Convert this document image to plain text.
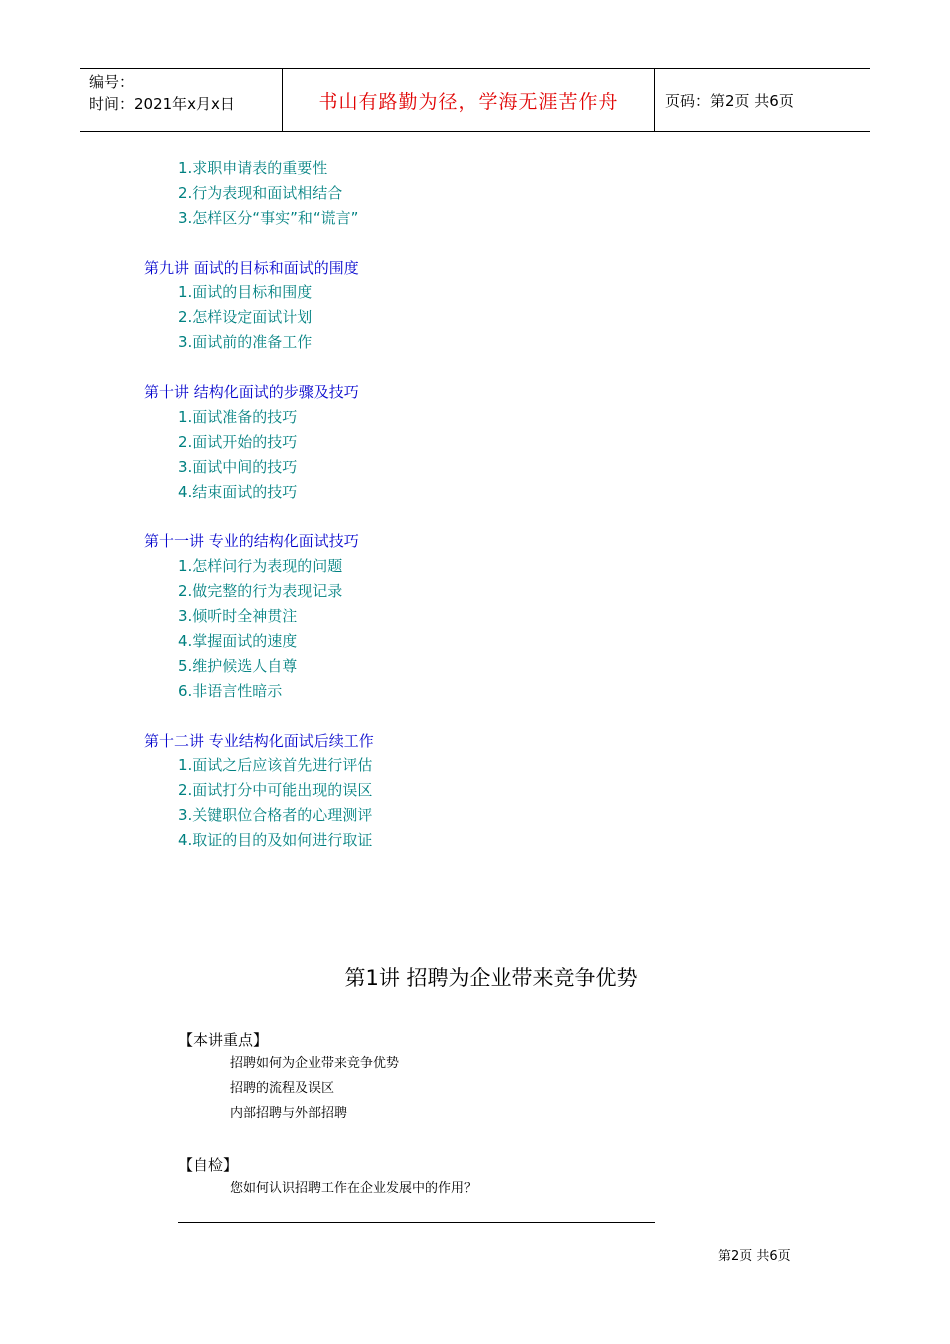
编号：
时间：2021年x月x日	书山有路勤为径，学海无涯苦作舟	页码：第2页 共6页
1.求职申请表的重要性
2.行为表现和面试相结合
3.怎样区分“事实”和“谎言”
第九讲 面试的目标和面试的围度
1.面试的目标和围度
2.怎样设定面试计划
3.面试前的准备工作
第十讲 结构化面试的步骤及技巧
1.面试准备的技巧
2.面试开始的技巧
3.面试中间的技巧
4.结束面试的技巧
第十一讲 专业的结构化面试技巧
1.怎样问行为表现的问题
2.做完整的行为表现记录
3.倾听时全神贯注
4.掌握面试的速度
5.维护候选人自尊
6.非语言性暗示
第十二讲 专业结构化面试后续工作
1.面试之后应该首先进行评估
2.面试打分中可能出现的误区
3.关键职位合格者的心理测评
4.取证的目的及如何进行取证
第1讲 招聘为企业带来竞争优势
【本讲重点】
招聘如何为企业带来竞争优势
招聘的流程及误区
内部招聘与外部招聘
【自检】
您如何认识招聘工作在企业发展中的作用？
第2页 共6页
